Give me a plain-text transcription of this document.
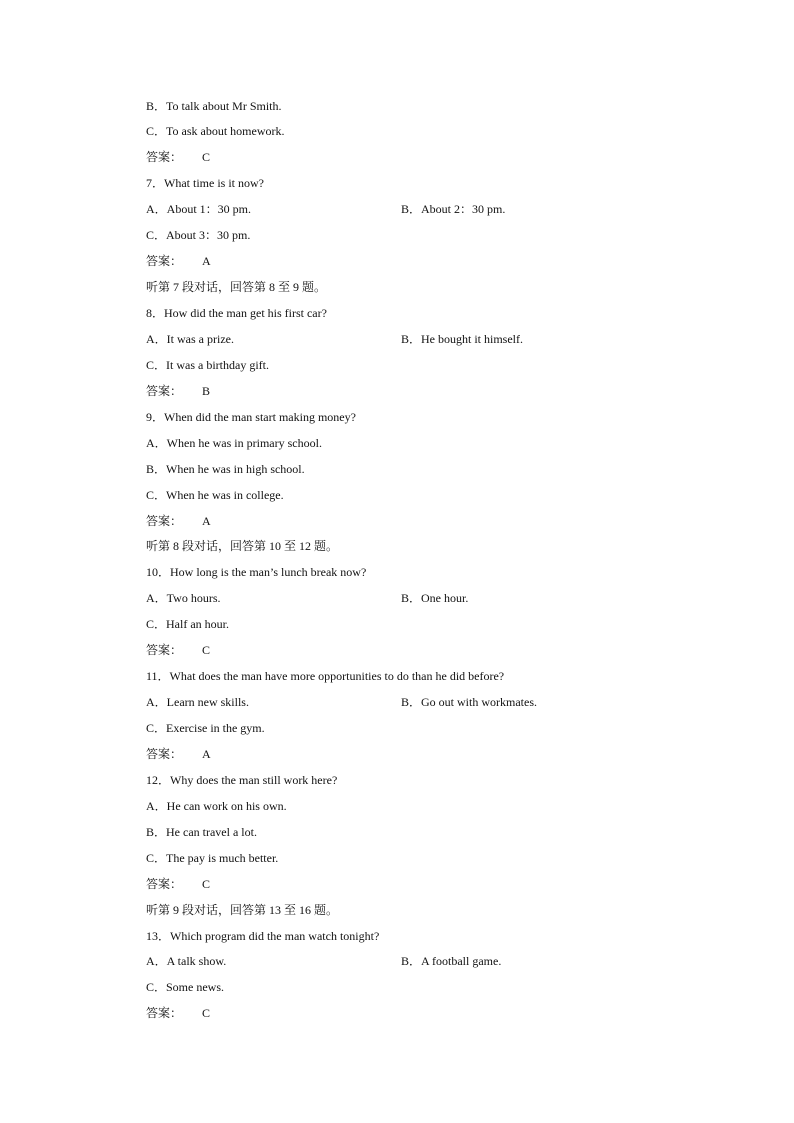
B．To talk about Mr Smith.
C．To ask about homework.
答案： C
7．What time is it now?
A．About 1：30 pm.	B．About 2：30 pm.
C．About 3：30 pm.
答案： A
听第 7 段对话，回答第 8 至 9 题。
8．How did the man get his first car?
A．It was a prize.	B．He bought it himself.
C．It was a birthday gift.
答案： B
9．When did the man start making money?
A．When he was in primary school.
B．When he was in high school.
C．When he was in college.
答案： A
听第 8 段对话，回答第 10 至 12 题。
10．How long is the man’s lunch break now?
A．Two hours.	B．One hour.
C．Half an hour.
答案： C
11．What does the man have more opportunities to do than he did before?
A．Learn new skills.	B．Go out with workmates.
C．Exercise in the gym.
答案： A
12．Why does the man still work here?
A．He can work on his own.
B．He can travel a lot.
C．The pay is much better.
答案： C
听第 9 段对话，回答第 13 至 16 题。
13．Which program did the man watch tonight?
A．A talk show.	B．A football game.
C．Some news.
答案： C
